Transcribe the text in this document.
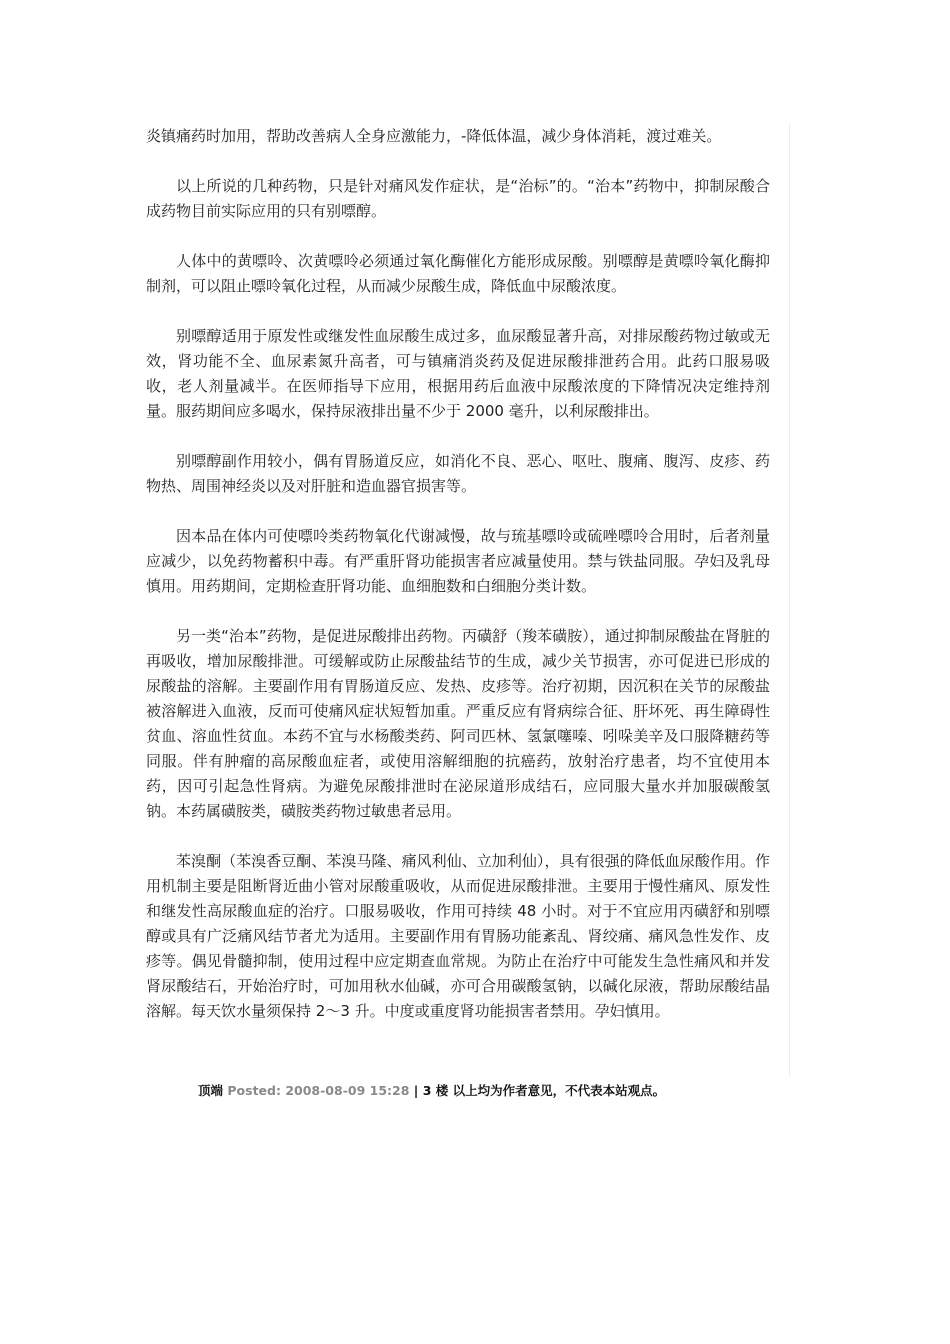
炎镇痛药时加用，帮助改善病人全身应激能力，-降低体温，减少身体消耗，渡过难关。

以上所说的几种药物，只是针对痛风发作症状，是“治标”的。“治本”药物中，抑制尿酸合成药物目前实际应用的只有别嘌醇。

人体中的黄嘌呤、次黄嘌呤必须通过氧化酶催化方能形成尿酸。别嘌醇是黄嘌呤氧化酶抑制剂，可以阻止嘌呤氧化过程，从而减少尿酸生成，降低血中尿酸浓度。

别嘌醇适用于原发性或继发性血尿酸生成过多，血尿酸显著升高，对排尿酸药物过敏或无效，肾功能不全、血尿素氮升高者，可与镇痛消炎药及促进尿酸排泄药合用。此药口服易吸收，老人剂量减半。在医师指导下应用，根据用药后血液中尿酸浓度的下降情况决定维持剂量。服药期间应多喝水，保持尿液排出量不少于 2000 毫升，以利尿酸排出。

别嘌醇副作用较小，偶有胃肠道反应，如消化不良、恶心、呕吐、腹痛、腹泻、皮疹、药物热、周围神经炎以及对肝脏和造血器官损害等。

因本品在体内可使嘌呤类药物氧化代谢减慢，故与琉基嘌呤或硫唑嘌呤合用时，后者剂量应减少，以免药物蓄积中毒。有严重肝肾功能损害者应减量使用。禁与铁盐同服。孕妇及乳母慎用。用药期间，定期检查肝肾功能、血细胞数和白细胞分类计数。

另一类“治本”药物，是促进尿酸排出药物。丙磺舒（羧苯磺胺），通过抑制尿酸盐在肾脏的再吸收，增加尿酸排泄。可缓解或防止尿酸盐结节的生成，减少关节损害，亦可促进已形成的尿酸盐的溶解。主要副作用有胃肠道反应、发热、皮疹等。治疗初期，因沉积在关节的尿酸盐被溶解进入血液，反而可使痛风症状短暂加重。严重反应有肾病综合征、肝坏死、再生障碍性贫血、溶血性贫血。本药不宜与水杨酸类药、阿司匹林、氢氯噻嗪、吲哚美辛及口服降糖药等同服。伴有肿瘤的高尿酸血症者，或使用溶解细胞的抗癌药，放射治疗患者，均不宜使用本药，因可引起急性肾病。为避免尿酸排泄时在泌尿道形成结石，应同服大量水并加服碳酸氢钠。本药属磺胺类，磺胺类药物过敏患者忌用。

苯溴酮（苯溴香豆酮、苯溴马隆、痛风利仙、立加利仙），具有很强的降低血尿酸作用。作用机制主要是阻断肾近曲小管对尿酸重吸收，从而促进尿酸排泄。主要用于慢性痛风、原发性和继发性高尿酸血症的治疗。口服易吸收，作用可持续 48 小时。对于不宜应用丙磺舒和别嘌醇或具有广泛痛风结节者尤为适用。主要副作用有胃肠功能紊乱、肾绞痛、痛风急性发作、皮疹等。偶见骨髓抑制，使用过程中应定期查血常规。为防止在治疗中可能发生急性痛风和并发肾尿酸结石，开始治疗时，可加用秋水仙碱，亦可合用碳酸氢钠，以碱化尿液，帮助尿酸结晶溶解。每天饮水量须保持 2～3 升。中度或重度肾功能损害者禁用。孕妇慎用。

顶端 Posted: 2008-08-09 15:28 | 3 楼 以上均为作者意见，不代表本站观点。
